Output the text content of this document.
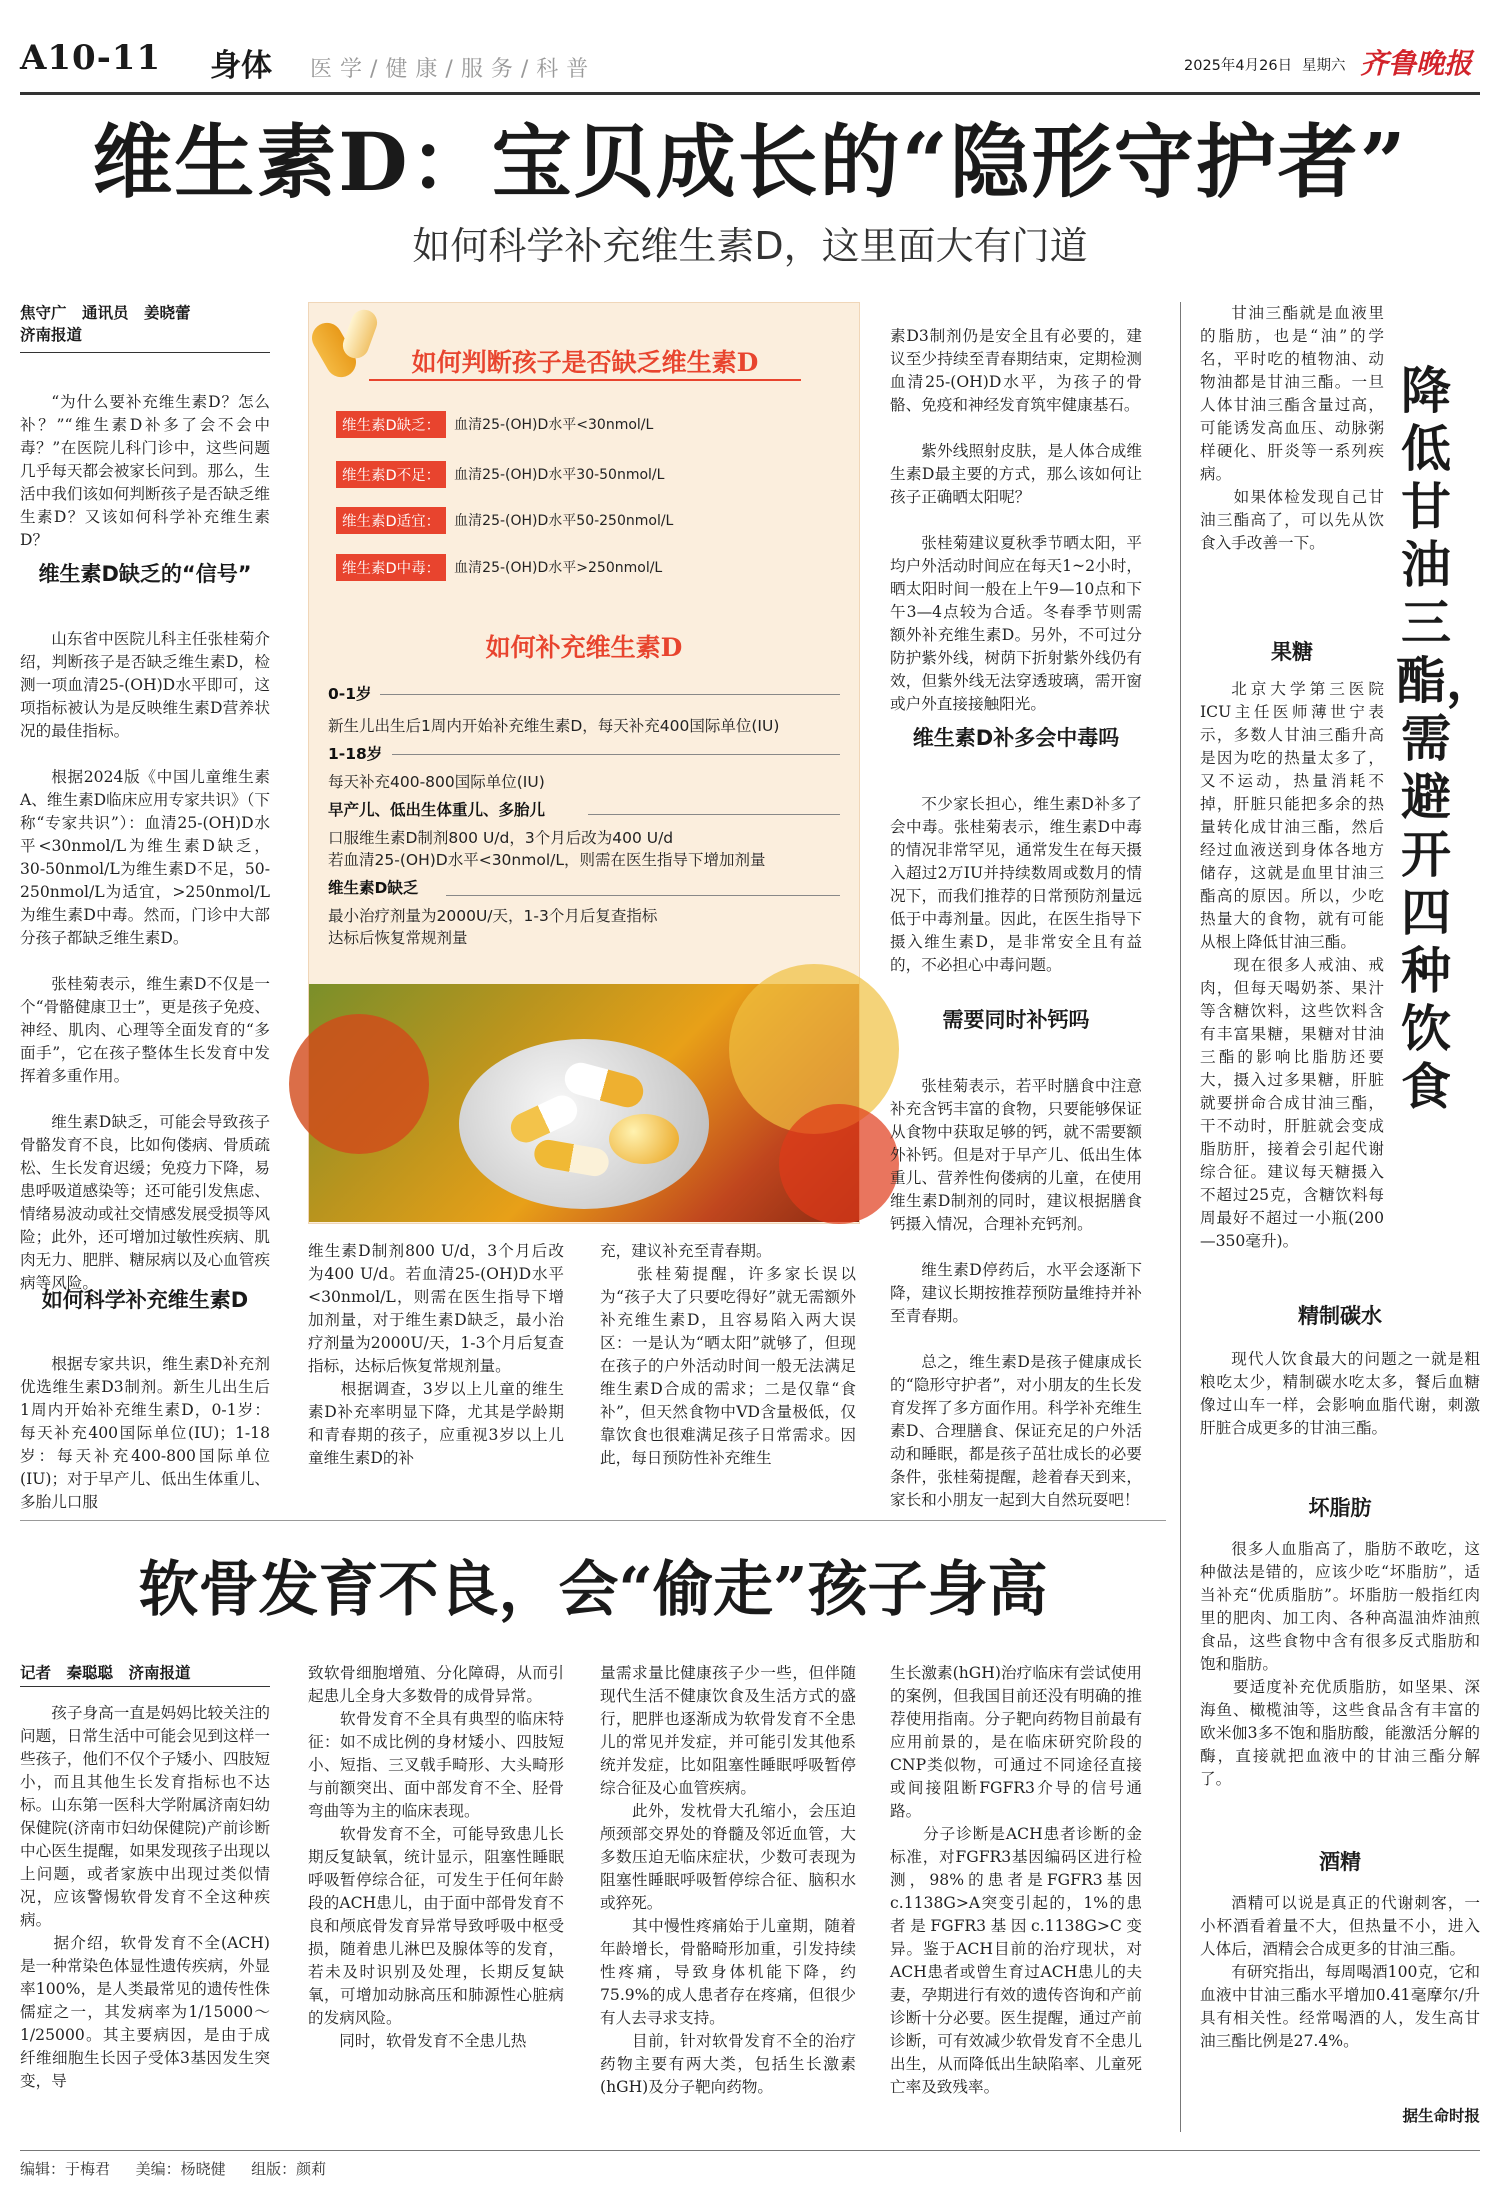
A10-11 身体 医学/健康/服务/科普	2025年4月26日 星期六 齐鲁晚报
维生素D：宝贝成长的“隐形守护者”
如何科学补充维生素D，这里面大有门道
焦守广　通讯员　姜晓蕾
济南报道

“为什么要补充维生素D？怎么补？”“维生素D补多了会不会中毒？”在医院儿科门诊中，这些问题几乎每天都会被家长问到。那么，生活中我们该如何判断孩子是否缺乏维生素D？又该如何科学补充维生素D？

维生素D缺乏的“信号”

山东省中医院儿科主任张桂菊介绍，判断孩子是否缺乏维生素D，检测一项血清25-(OH)D水平即可，这项指标被认为是反映维生素D营养状况的最佳指标。

根据2024版《中国儿童维生素A、维生素D临床应用专家共识》（下称“专家共识”）：血清25-(OH)D水平<30nmol/L为维生素D缺乏，30-50nmol/L为维生素D不足，50-250nmol/L为适宜，>250nmol/L为维生素D中毒。然而，门诊中大部分孩子都缺乏维生素D。

张桂菊表示，维生素D不仅是一个“骨骼健康卫士”，更是孩子免疫、神经、肌肉、心理等全面发育的“多面手”，它在孩子整体生长发育中发挥着多重作用。

维生素D缺乏，可能会导致孩子骨骼发育不良，比如佝偻病、骨质疏松、生长发育迟缓；免疫力下降，易患呼吸道感染等；还可能引发焦虑、情绪易波动或社交情感发展受损等风险；此外，还可增加过敏性疾病、肌肉无力、肥胖、糖尿病以及心血管疾病等风险。

如何科学补充维生素D

根据专家共识，维生素D补充剂优选维生素D3制剂。新生儿出生后1周内开始补充维生素D，0-1岁：每天补充400国际单位(IU)；1-18岁：每天补充400-800国际单位(IU)；对于早产儿、低出生体重儿、多胎儿口服

如何判断孩子是否缺乏维生素D
维生素D缺乏：	血清25-(OH)D水平<30nmol/L
维生素D不足：	血清25-(OH)D水平30-50nmol/L
维生素D适宜：	血清25-(OH)D水平50-250nmol/L
维生素D中毒：	血清25-(OH)D水平>250nmol/L
如何补充维生素D
0-1岁
新生儿出生后1周内开始补充维生素D，每天补充400国际单位(IU)
1-18岁
每天补充400-800国际单位(IU)
早产儿、低出生体重儿、多胎儿
口服维生素D制剂800 U/d，3个月后改为400 U/d
若血清25-(OH)D水平<30nmol/L，则需在医生指导下增加剂量
维生素D缺乏
最小治疗剂量为2000U/天，1-3个月后复查指标
达标后恢复常规剂量
维生素D制剂800 U/d，3个月后改为400 U/d。若血清25-(OH)D水平<30nmol/L，则需在医生指导下增加剂量，对于维生素D缺乏，最小治疗剂量为2000U/天，1-3个月后复查指标，达标后恢复常规剂量。
　　根据调查，3岁以上儿童的维生素D补充率明显下降，尤其是学龄期和青春期的孩子，应重视3岁以上儿童维生素D的补
充，建议补充至青春期。
　　张桂菊提醒，许多家长误以为“孩子大了只要吃得好”就无需额外补充维生素D，且容易陷入两大误区：一是认为“晒太阳”就够了，但现在孩子的户外活动时间一般无法满足维生素D合成的需求；二是仅靠“食补”，但天然食物中VD含量极低，仅靠饮食也很难满足孩子日常需求。因此，每日预防性补充维生

素D3制剂仍是安全且有必要的，建议至少持续至青春期结束，定期检测血清25-(OH)D水平，为孩子的骨骼、免疫和神经发育筑牢健康基石。

紫外线照射皮肤，是人体合成维生素D最主要的方式，那么该如何让孩子正确晒太阳呢？

张桂菊建议夏秋季节晒太阳，平均户外活动时间应在每天1~2小时，晒太阳时间一般在上午9—10点和下午3—4点较为合适。冬春季节则需额外补充维生素D。另外，不可过分防护紫外线，树荫下折射紫外线仍有效，但紫外线无法穿透玻璃，需开窗或户外直接接触阳光。

维生素D补多会中毒吗

不少家长担心，维生素D补多了会中毒。张桂菊表示，维生素D中毒的情况非常罕见，通常发生在每天摄入超过2万IU并持续数周或数月的情况下，而我们推荐的日常预防剂量远低于中毒剂量。因此，在医生指导下摄入维生素D，是非常安全且有益的，不必担心中毒问题。

需要同时补钙吗

张桂菊表示，若平时膳食中注意补充含钙丰富的食物，只要能够保证从食物中获取足够的钙，就不需要额外补钙。但是对于早产儿、低出生体重儿、营养性佝偻病的儿童，在使用维生素D制剂的同时，建议根据膳食钙摄入情况，合理补充钙剂。

维生素D停药后，水平会逐渐下降，建议长期按推荐预防量维持并补至青春期。

总之，维生素D是孩子健康成长的“隐形守护者”，对小朋友的生长发育发挥了多方面作用。科学补充维生素D、合理膳食、保证充足的户外活动和睡眠，都是孩子茁壮成长的必要条件，张桂菊提醒，趁着春天到来，家长和小朋友一起到大自然玩耍吧！

降低甘油三酯，需避开四种饮食
甘油三酯就是血液里的脂肪，也是“油”的学名，平时吃的植物油、动物油都是甘油三酯。一旦人体甘油三酯含量过高，可能诱发高血压、动脉粥样硬化、肝炎等一系列疾病。
　　如果体检发现自己甘油三酯高了，可以先从饮食入手改善一下。
果糖
北京大学第三医院ICU主任医师薄世宁表示，多数人甘油三酯升高是因为吃的热量太多了，又不运动，热量消耗不掉，肝脏只能把多余的热量转化成甘油三酯，然后经过血液送到身体各地方储存，这就是血里甘油三酯高的原因。所以，少吃热量大的食物，就有可能从根上降低甘油三酯。
　　现在很多人戒油、戒肉，但每天喝奶茶、果汁等含糖饮料，这些饮料含有丰富果糖，果糖对甘油三酯的影响比脂肪还要大，摄入过多果糖，肝脏就要拼命合成甘油三酯，干不动时，肝脏就会变成脂肪肝，接着会引起代谢综合征。建议每天糖摄入不超过25克，含糖饮料每周最好不超过一小瓶(200—350毫升)。
精制碳水
现代人饮食最大的问题之一就是粗粮吃太少，精制碳水吃太多，餐后血糖像过山车一样，会影响血脂代谢，刺激肝脏合成更多的甘油三酯。
坏脂肪
很多人血脂高了，脂肪不敢吃，这种做法是错的，应该少吃“坏脂肪”，适当补充“优质脂肪”。坏脂肪一般指红肉里的肥肉、加工肉、各种高温油炸油煎食品，这些食物中含有很多反式脂肪和饱和脂肪。
　　要适度补充优质脂肪，如坚果、深海鱼、橄榄油等，这些食品含有丰富的欧米伽3多不饱和脂肪酸，能激活分解的酶，直接就把血液中的甘油三酯分解了。
酒精
酒精可以说是真正的代谢刺客，一小杯酒看着量不大，但热量不小，进入人体后，酒精会合成更多的甘油三酯。
　　有研究指出，每周喝酒100克，它和血液中甘油三酯水平增加0.41毫摩尔/升具有相关性。经常喝酒的人，发生高甘油三酯比例是27.4%。
据生命时报
软骨发育不良，会“偷走”孩子身高
记者　秦聪聪　济南报道
孩子身高一直是妈妈比较关注的问题，日常生活中可能会见到这样一些孩子，他们不仅个子矮小、四肢短小，而且其他生长发育指标也不达标。山东第一医科大学附属济南妇幼保健院(济南市妇幼保健院)产前诊断中心医生提醒，如果发现孩子出现以上问题，或者家族中出现过类似情况，应该警惕软骨发育不全这种疾病。
　　据介绍，软骨发育不全(ACH)是一种常染色体显性遗传疾病，外显率100%，是人类最常见的遗传性侏儒症之一，其发病率为1/15000～1/25000。其主要病因，是由于成纤维细胞生长因子受体3基因发生突变，导
致软骨细胞增殖、分化障碍，从而引起患儿全身大多数骨的成骨异常。
　　软骨发育不全具有典型的临床特征：如不成比例的身材矮小、四肢短小、短指、三叉戟手畸形、大头畸形与前额突出、面中部发育不全、胫骨弯曲等为主的临床表现。
　　软骨发育不全，可能导致患儿长期反复缺氧，统计显示，阻塞性睡眠呼吸暂停综合征，可发生于任何年龄段的ACH患儿，由于面中部骨发育不良和颅底骨发育异常导致呼吸中枢受损，随着患儿淋巴及腺体等的发育，若未及时识别及处理，长期反复缺氧，可增加动脉高压和肺源性心脏病的发病风险。
　　同时，软骨发育不全患儿热
量需求量比健康孩子少一些，但伴随现代生活不健康饮食及生活方式的盛行，肥胖也逐渐成为软骨发育不全患儿的常见并发症，并可能引发其他系统并发症，比如阻塞性睡眠呼吸暂停综合征及心血管疾病。
　　此外，发枕骨大孔缩小，会压迫颅颈部交界处的脊髓及邻近血管，大多数压迫无临床症状，少数可表现为阻塞性睡眠呼吸暂停综合征、脑积水或猝死。
　　其中慢性疼痛始于儿童期，随着年龄增长，骨骼畸形加重，引发持续性疼痛，导致身体机能下降，约75.9%的成人患者存在疼痛，但很少有人去寻求支持。
　　目前，针对软骨发育不全的治疗药物主要有两大类，包括生长激素(hGH)及分子靶向药物。
生长激素(hGH)治疗临床有尝试使用的案例，但我国目前还没有明确的推荐使用指南。分子靶向药物目前最有应用前景的，是在临床研究阶段的CNP类似物，可通过不同途径直接或间接阻断FGFR3介导的信号通路。
　　分子诊断是ACH患者诊断的金标准，对FGFR3基因编码区进行检测，98%的患者是FGFR3基因c.1138G>A突变引起的，1%的患者是FGFR3基因c.1138G>C变异。鉴于ACH目前的治疗现状，对ACH患者或曾生育过ACH患儿的夫妻，孕期进行有效的遗传咨询和产前诊断十分必要。医生提醒，通过产前诊断，可有效减少软骨发育不全患儿出生，从而降低出生缺陷率、儿童死亡率及致残率。
编辑：于梅君 美编：杨晓健 组版：颜莉
